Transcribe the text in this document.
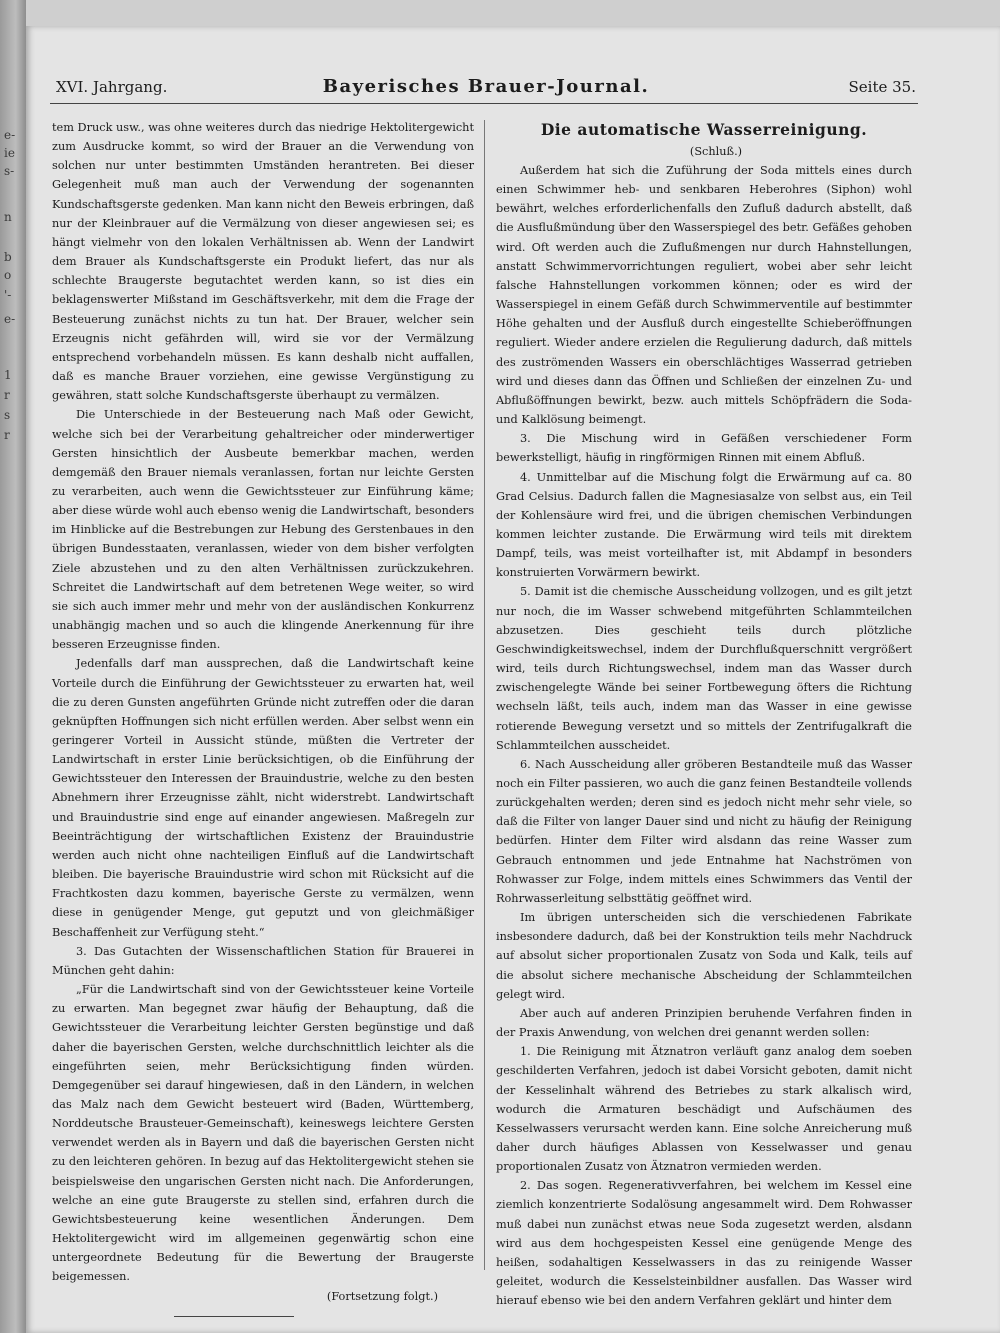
e-
ie
s-
n
b
o
'-
e-
1
r
s
r
XVI. Jahrgang.	Bayerisches Brauer-Journal.	Seite 35.

tem Druck usw., was ohne weiteres durch das niedrige Hektolitergewicht zum Ausdrucke kommt, so wird der Brauer an die Verwendung von solchen nur unter bestimmten Umständen herantreten. Bei dieser Gelegenheit muß man auch der Verwendung der sogenannten Kundschaftsgerste gedenken. Man kann nicht den Beweis erbringen, daß nur der Kleinbrauer auf die Vermälzung von dieser angewiesen sei; es hängt vielmehr von den lokalen Verhältnissen ab. Wenn der Landwirt dem Brauer als Kundschaftsgerste ein Produkt liefert, das nur als schlechte Braugerste begutachtet werden kann, so ist dies ein beklagenswerter Mißstand im Geschäftsverkehr, mit dem die Frage der Besteuerung zunächst nichts zu tun hat. Der Brauer, welcher sein Erzeugnis nicht gefährden will, wird sie vor der Vermälzung entsprechend vorbehandeln müssen. Es kann deshalb nicht auffallen, daß es manche Brauer vorziehen, eine gewisse Vergünstigung zu gewähren, statt solche Kundschaftsgerste überhaupt zu vermälzen.

Die Unterschiede in der Besteuerung nach Maß oder Gewicht, welche sich bei der Verarbeitung gehaltreicher oder minderwertiger Gersten hinsichtlich der Ausbeute bemerkbar machen, werden demgemäß den Brauer niemals veranlassen, fortan nur leichte Gersten zu verarbeiten, auch wenn die Gewichtssteuer zur Einführung käme; aber diese würde wohl auch ebenso wenig die Landwirtschaft, besonders im Hinblicke auf die Bestrebungen zur Hebung des Gerstenbaues in den übrigen Bundesstaaten, veranlassen, wieder von dem bisher verfolgten Ziele abzustehen und zu den alten Verhältnissen zurückzukehren. Schreitet die Landwirtschaft auf dem betretenen Wege weiter, so wird sie sich auch immer mehr und mehr von der ausländischen Konkurrenz unabhängig machen und so auch die klingende Anerkennung für ihre besseren Erzeugnisse finden.

Jedenfalls darf man aussprechen, daß die Landwirtschaft keine Vorteile durch die Einführung der Gewichtssteuer zu erwarten hat, weil die zu deren Gunsten angeführten Gründe nicht zutreffen oder die daran geknüpften Hoffnungen sich nicht erfüllen werden. Aber selbst wenn ein geringerer Vorteil in Aussicht stünde, müßten die Vertreter der Landwirtschaft in erster Linie berücksichtigen, ob die Einführung der Gewichtssteuer den Interessen der Brauindustrie, welche zu den besten Abnehmern ihrer Erzeugnisse zählt, nicht widerstrebt. Landwirtschaft und Brauindustrie sind enge auf einander angewiesen. Maßregeln zur Beeinträchtigung der wirtschaftlichen Existenz der Brauindustrie werden auch nicht ohne nachteiligen Einfluß auf die Landwirtschaft bleiben. Die bayerische Brauindustrie wird schon mit Rücksicht auf die Frachtkosten dazu kommen, bayerische Gerste zu vermälzen, wenn diese in genügender Menge, gut geputzt und von gleichmäßiger Beschaffenheit zur Verfügung steht.“

3. Das Gutachten der Wissenschaftlichen Station für Brauerei in München geht dahin:

„Für die Landwirtschaft sind von der Gewichtssteuer keine Vorteile zu erwarten. Man begegnet zwar häufig der Behauptung, daß die Gewichtssteuer die Verarbeitung leichter Gersten begünstige und daß daher die bayerischen Gersten, welche durchschnittlich leichter als die eingeführten seien, mehr Berücksichtigung finden würden. Demgegenüber sei darauf hingewiesen, daß in den Ländern, in welchen das Malz nach dem Gewicht besteuert wird (Baden, Württemberg, Norddeutsche Brausteuer-Gemeinschaft), keineswegs leichtere Gersten verwendet werden als in Bayern und daß die bayerischen Gersten nicht zu den leichteren gehören. In bezug auf das Hektolitergewicht stehen sie beispielsweise den ungarischen Gersten nicht nach. Die Anforderungen, welche an eine gute Braugerste zu stellen sind, erfahren durch die Gewichtsbesteuerung keine wesentlichen Änderungen. Dem Hektolitergewicht wird im allgemeinen gegenwärtig schon eine untergeordnete Bedeutung für die Bewertung der Braugerste beigemessen.

(Fortsetzung folgt.)

Die automatische Wasserreinigung.

(Schluß.)

Außerdem hat sich die Zuführung der Soda mittels eines durch einen Schwimmer heb- und senkbaren Heberohres (Siphon) wohl bewährt, welches erforderlichenfalls den Zufluß dadurch abstellt, daß die Ausflußmündung über den Wasserspiegel des betr. Gefäßes gehoben wird. Oft werden auch die Zuflußmengen nur durch Hahnstellungen, anstatt Schwimmervorrichtungen reguliert, wobei aber sehr leicht falsche Hahnstellungen vorkommen können; oder es wird der Wasserspiegel in einem Gefäß durch Schwimmerventile auf bestimmter Höhe gehalten und der Ausfluß durch eingestellte Schieberöffnungen reguliert. Wieder andere erzielen die Regulierung dadurch, daß mittels des zuströmenden Wassers ein oberschlächtiges Wasserrad getrieben wird und dieses dann das Öffnen und Schließen der einzelnen Zu- und Abflußöffnungen bewirkt, bezw. auch mittels Schöpfrädern die Soda- und Kalklösung beimengt.

3. Die Mischung wird in Gefäßen verschiedener Form bewerkstelligt, häufig in ringförmigen Rinnen mit einem Abfluß.

4. Unmittelbar auf die Mischung folgt die Erwärmung auf ca. 80 Grad Celsius. Dadurch fallen die Magnesiasalze von selbst aus, ein Teil der Kohlensäure wird frei, und die übrigen chemischen Verbindungen kommen leichter zustande. Die Erwärmung wird teils mit direktem Dampf, teils, was meist vorteilhafter ist, mit Abdampf in besonders konstruierten Vorwärmern bewirkt.

5. Damit ist die chemische Ausscheidung vollzogen, und es gilt jetzt nur noch, die im Wasser schwebend mitgeführten Schlammteilchen abzusetzen. Dies geschieht teils durch plötzliche Geschwindigkeitswechsel, indem der Durchflußquerschnitt vergrößert wird, teils durch Richtungswechsel, indem man das Wasser durch zwischengelegte Wände bei seiner Fortbewegung öfters die Richtung wechseln läßt, teils auch, indem man das Wasser in eine gewisse rotierende Bewegung versetzt und so mittels der Zentrifugalkraft die Schlammteilchen ausscheidet.

6. Nach Ausscheidung aller gröberen Bestandteile muß das Wasser noch ein Filter passieren, wo auch die ganz feinen Bestandteile vollends zurückgehalten werden; deren sind es jedoch nicht mehr sehr viele, so daß die Filter von langer Dauer sind und nicht zu häufig der Reinigung bedürfen. Hinter dem Filter wird alsdann das reine Wasser zum Gebrauch entnommen und jede Entnahme hat Nachströmen von Rohwasser zur Folge, indem mittels eines Schwimmers das Ventil der Rohrwasserleitung selbsttätig geöffnet wird.

Im übrigen unterscheiden sich die verschiedenen Fabrikate insbesondere dadurch, daß bei der Konstruktion teils mehr Nachdruck auf absolut sicher proportionalen Zusatz von Soda und Kalk, teils auf die absolut sichere mechanische Abscheidung der Schlammteilchen gelegt wird.

Aber auch auf anderen Prinzipien beruhende Verfahren finden in der Praxis Anwendung, von welchen drei genannt werden sollen:

1. Die Reinigung mit Ätznatron verläuft ganz analog dem soeben geschilderten Verfahren, jedoch ist dabei Vorsicht geboten, damit nicht der Kesselinhalt während des Betriebes zu stark alkalisch wird, wodurch die Armaturen beschädigt und Aufschäumen des Kesselwassers verursacht werden kann. Eine solche Anreicherung muß daher durch häufiges Ablassen von Kesselwasser und genau proportionalen Zusatz von Ätznatron vermieden werden.

2. Das sogen. Regenerativverfahren, bei welchem im Kessel eine ziemlich konzentrierte Sodalösung angesammelt wird. Dem Rohwasser muß dabei nun zunächst etwas neue Soda zugesetzt werden, alsdann wird aus dem hochgespeisten Kessel eine genügende Menge des heißen, sodahaltigen Kesselwassers in das zu reinigende Wasser geleitet, wodurch die Kesselsteinbildner ausfallen. Das Wasser wird hierauf ebenso wie bei den andern Verfahren geklärt und hinter dem
